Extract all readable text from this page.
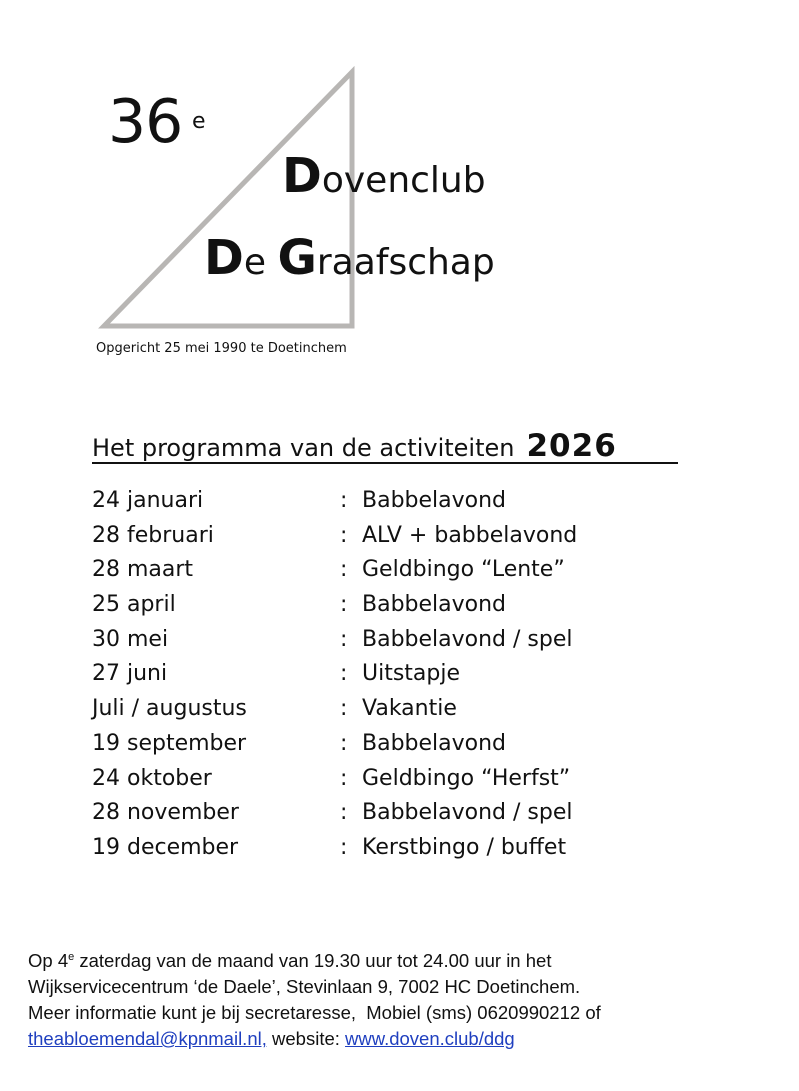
36 e
Dovenclub
De Graafschap
Opgericht 25 mei 1990 te Doetinchem
Het programma van de activiteiten 2026
24 januari	: Babbelavond
28 februari	: ALV + babbelavond
28 maart	: Geldbingo “Lente”
25 april	: Babbelavond
30 mei	: Babbelavond / spel
27 juni	: Uitstapje
Juli / augustus	: Vakantie
19 september	: Babbelavond
24 oktober	: Geldbingo “Herfst”
28 november	: Babbelavond / spel
19 december	: Kerstbingo / buffet

Op 4e zaterdag van de maand van 19.30 uur tot 24.00 uur in het

Wijkservicecentrum ‘de Daele’, Stevinlaan 9, 7002 HC Doetinchem.

Meer informatie kunt je bij secretaresse,  Mobiel (sms) 0620990212 of

theabloemendal@kpnmail.nl, website: www.doven.club/ddg
